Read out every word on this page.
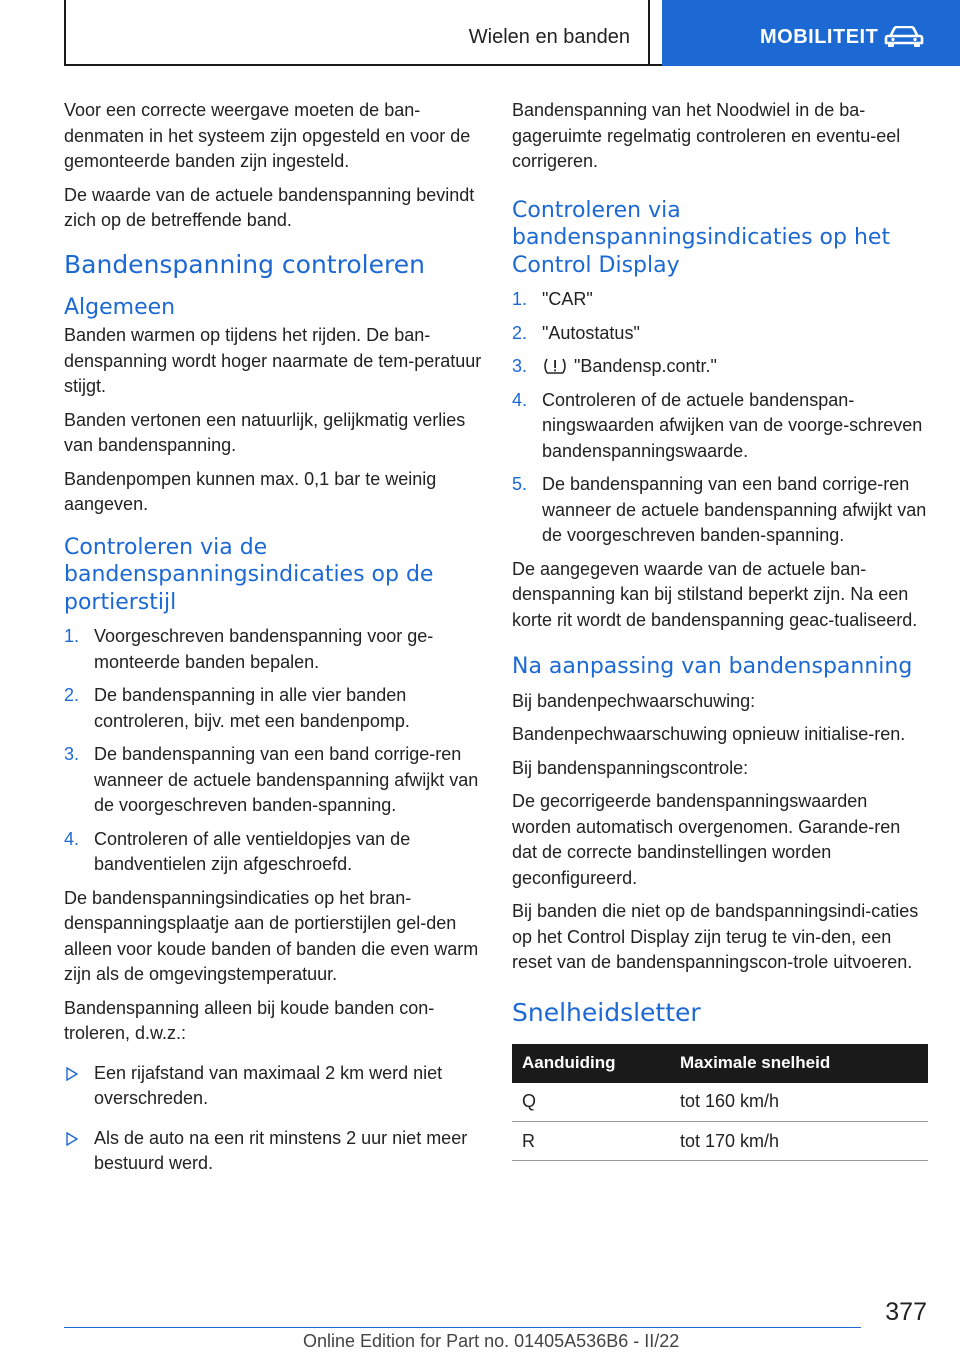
Wielen en banden	MOBILITEIT

Voor een correcte weergave moeten de ban-denmaten in het systeem zijn opgesteld en voor de gemonteerde banden zijn ingesteld.

De waarde van de actuele bandenspanning bevindt zich op de betreffende band.

Bandenspanning controleren
Algemeen

Banden warmen op tijdens het rijden. De ban-denspanning wordt hoger naarmate de tem-peratuur stijgt.

Banden vertonen een natuurlijk, gelijkmatig verlies van bandenspanning.

Bandenpompen kunnen max. 0,1 bar te weinig aangeven.

Controleren via de bandenspanningsindicaties op de portierstijl
1. Voorgeschreven bandenspanning voor ge-monteerde banden bepalen.
2. De bandenspanning in alle vier banden controleren, bijv. met een bandenpomp.
3. De bandenspanning van een band corrige-ren wanneer de actuele bandenspanning afwijkt van de voorgeschreven banden-spanning.
4. Controleren of alle ventieldopjes van de bandventielen zijn afgeschroefd.

De bandenspanningsindicaties op het bran-denspanningsplaatje aan de portierstijlen gel-den alleen voor koude banden of banden die even warm zijn als de omgevingstemperatuur.

Bandenspanning alleen bij koude banden con-troleren, d.w.z.:

Een rijafstand van maximaal 2 km werd niet overschreden.
Als de auto na een rit minstens 2 uur niet meer bestuurd werd.

Bandenspanning van het Noodwiel in de ba-gageruimte regelmatig controleren en eventu-eel corrigeren.

Controleren via bandenspanningsindicaties op het Control Display
1. "CAR"
2. "Autostatus"
3.	"Bandensp.contr."
4. Controleren of de actuele bandenspan-ningswaarden afwijken van de voorge-schreven bandenspanningswaarde.
5. De bandenspanning van een band corrige-ren wanneer de actuele bandenspanning afwijkt van de voorgeschreven banden-spanning.

De aangegeven waarde van de actuele ban-denspanning kan bij stilstand beperkt zijn. Na een korte rit wordt de bandenspanning geac-tualiseerd.

Na aanpassing van bandenspanning

Bij bandenpechwaarschuwing:

Bandenpechwaarschuwing opnieuw initialise-ren.

Bij bandenspanningscontrole:

De gecorrigeerde bandenspanningswaarden worden automatisch overgenomen. Garande-ren dat de correcte bandinstellingen worden geconfigureerd.

Bij banden die niet op de bandspanningsindi-caties op het Control Display zijn terug te vin-den, een reset van de bandenspanningscon-trole uitvoeren.

Snelheidsletter
Aanduiding	Maximale snelheid
Q	tot 160 km/h
R	tot 170 km/h
377
Online Edition for Part no. 01405A536B6 - II/22
